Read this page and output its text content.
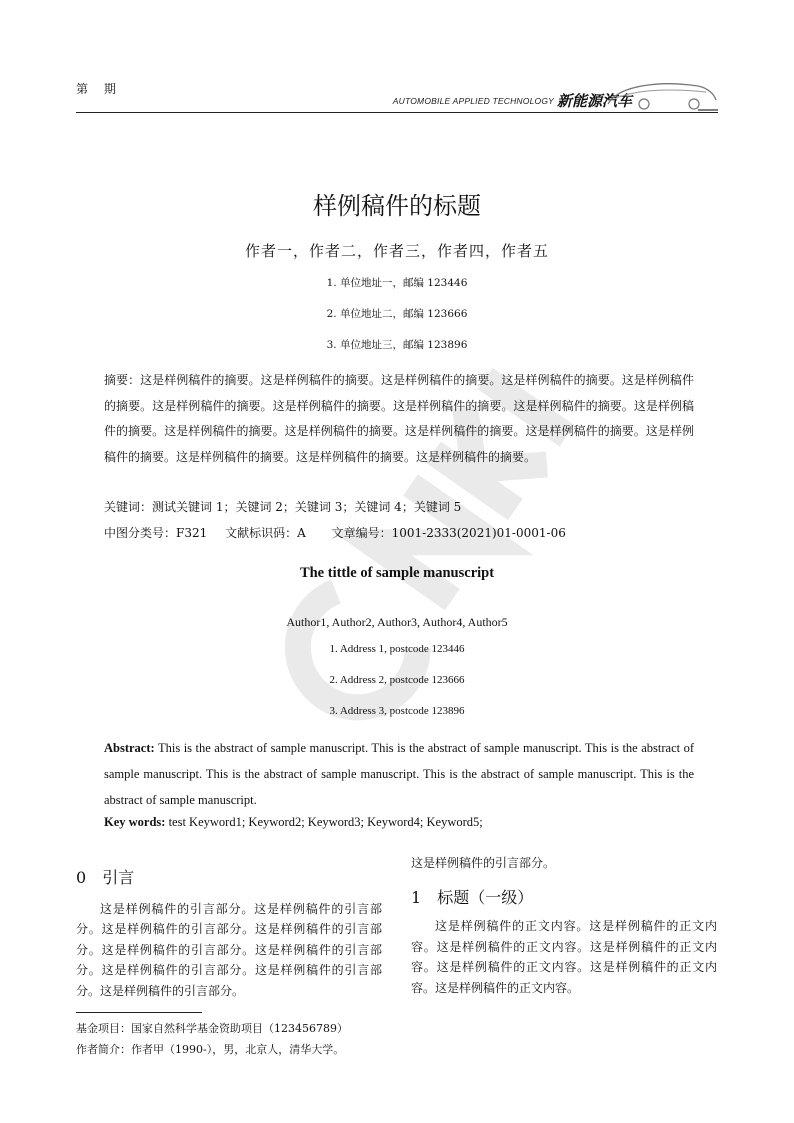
第 期
AUTOMOBILE APPLIED TECHNOLOGY 新能源汽车
样例稿件的标题
作者一，作者二，作者三，作者四，作者五
1. 单位地址一，邮编 123446
2. 单位地址二，邮编 123666
3. 单位地址三，邮编 123896
摘要：这是样例稿件的摘要。这是样例稿件的摘要。这是样例稿件的摘要。这是样例稿件的摘要。这是样例稿件的摘要。这是样例稿件的摘要。这是样例稿件的摘要。这是样例稿件的摘要。这是样例稿件的摘要。这是样例稿件的摘要。这是样例稿件的摘要。这是样例稿件的摘要。这是样例稿件的摘要。这是样例稿件的摘要。这是样例稿件的摘要。这是样例稿件的摘要。这是样例稿件的摘要。这是样例稿件的摘要。
关键词：测试关键词 1；关键词 2；关键词 3；关键词 4；关键词 5
中图分类号：F321 文献标识码：A 文章编号：1001-2333(2021)01-0001-06
The tittle of sample manuscript
Author1, Author2, Author3, Author4, Author5
1. Address 1, postcode 123446
2. Address 2, postcode 123666
3. Address 3, postcode 123896
Abstract: This is the abstract of sample manuscript. This is the abstract of sample manuscript. This is the abstract of sample manuscript. This is the abstract of sample manuscript. This is the abstract of sample manuscript. This is the abstract of sample manuscript.
Key words: test Keyword1; Keyword2; Keyword3; Keyword4; Keyword5;
0 引言
这是样例稿件的引言部分。这是样例稿件的引言部分。这是样例稿件的引言部分。这是样例稿件的引言部分。这是样例稿件的引言部分。这是样例稿件的引言部分。这是样例稿件的引言部分。这是样例稿件的引言部分。这是样例稿件的引言部分。
这是样例稿件的引言部分。
1 标题（一级）
这是样例稿件的正文内容。这是样例稿件的正文内容。这是样例稿件的正文内容。这是样例稿件的正文内容。这是样例稿件的正文内容。这是样例稿件的正文内容。这是样例稿件的正文内容。
基金项目：国家自然科学基金资助项目（123456789）
作者简介：作者甲（1990-），男，北京人，清华大学。
